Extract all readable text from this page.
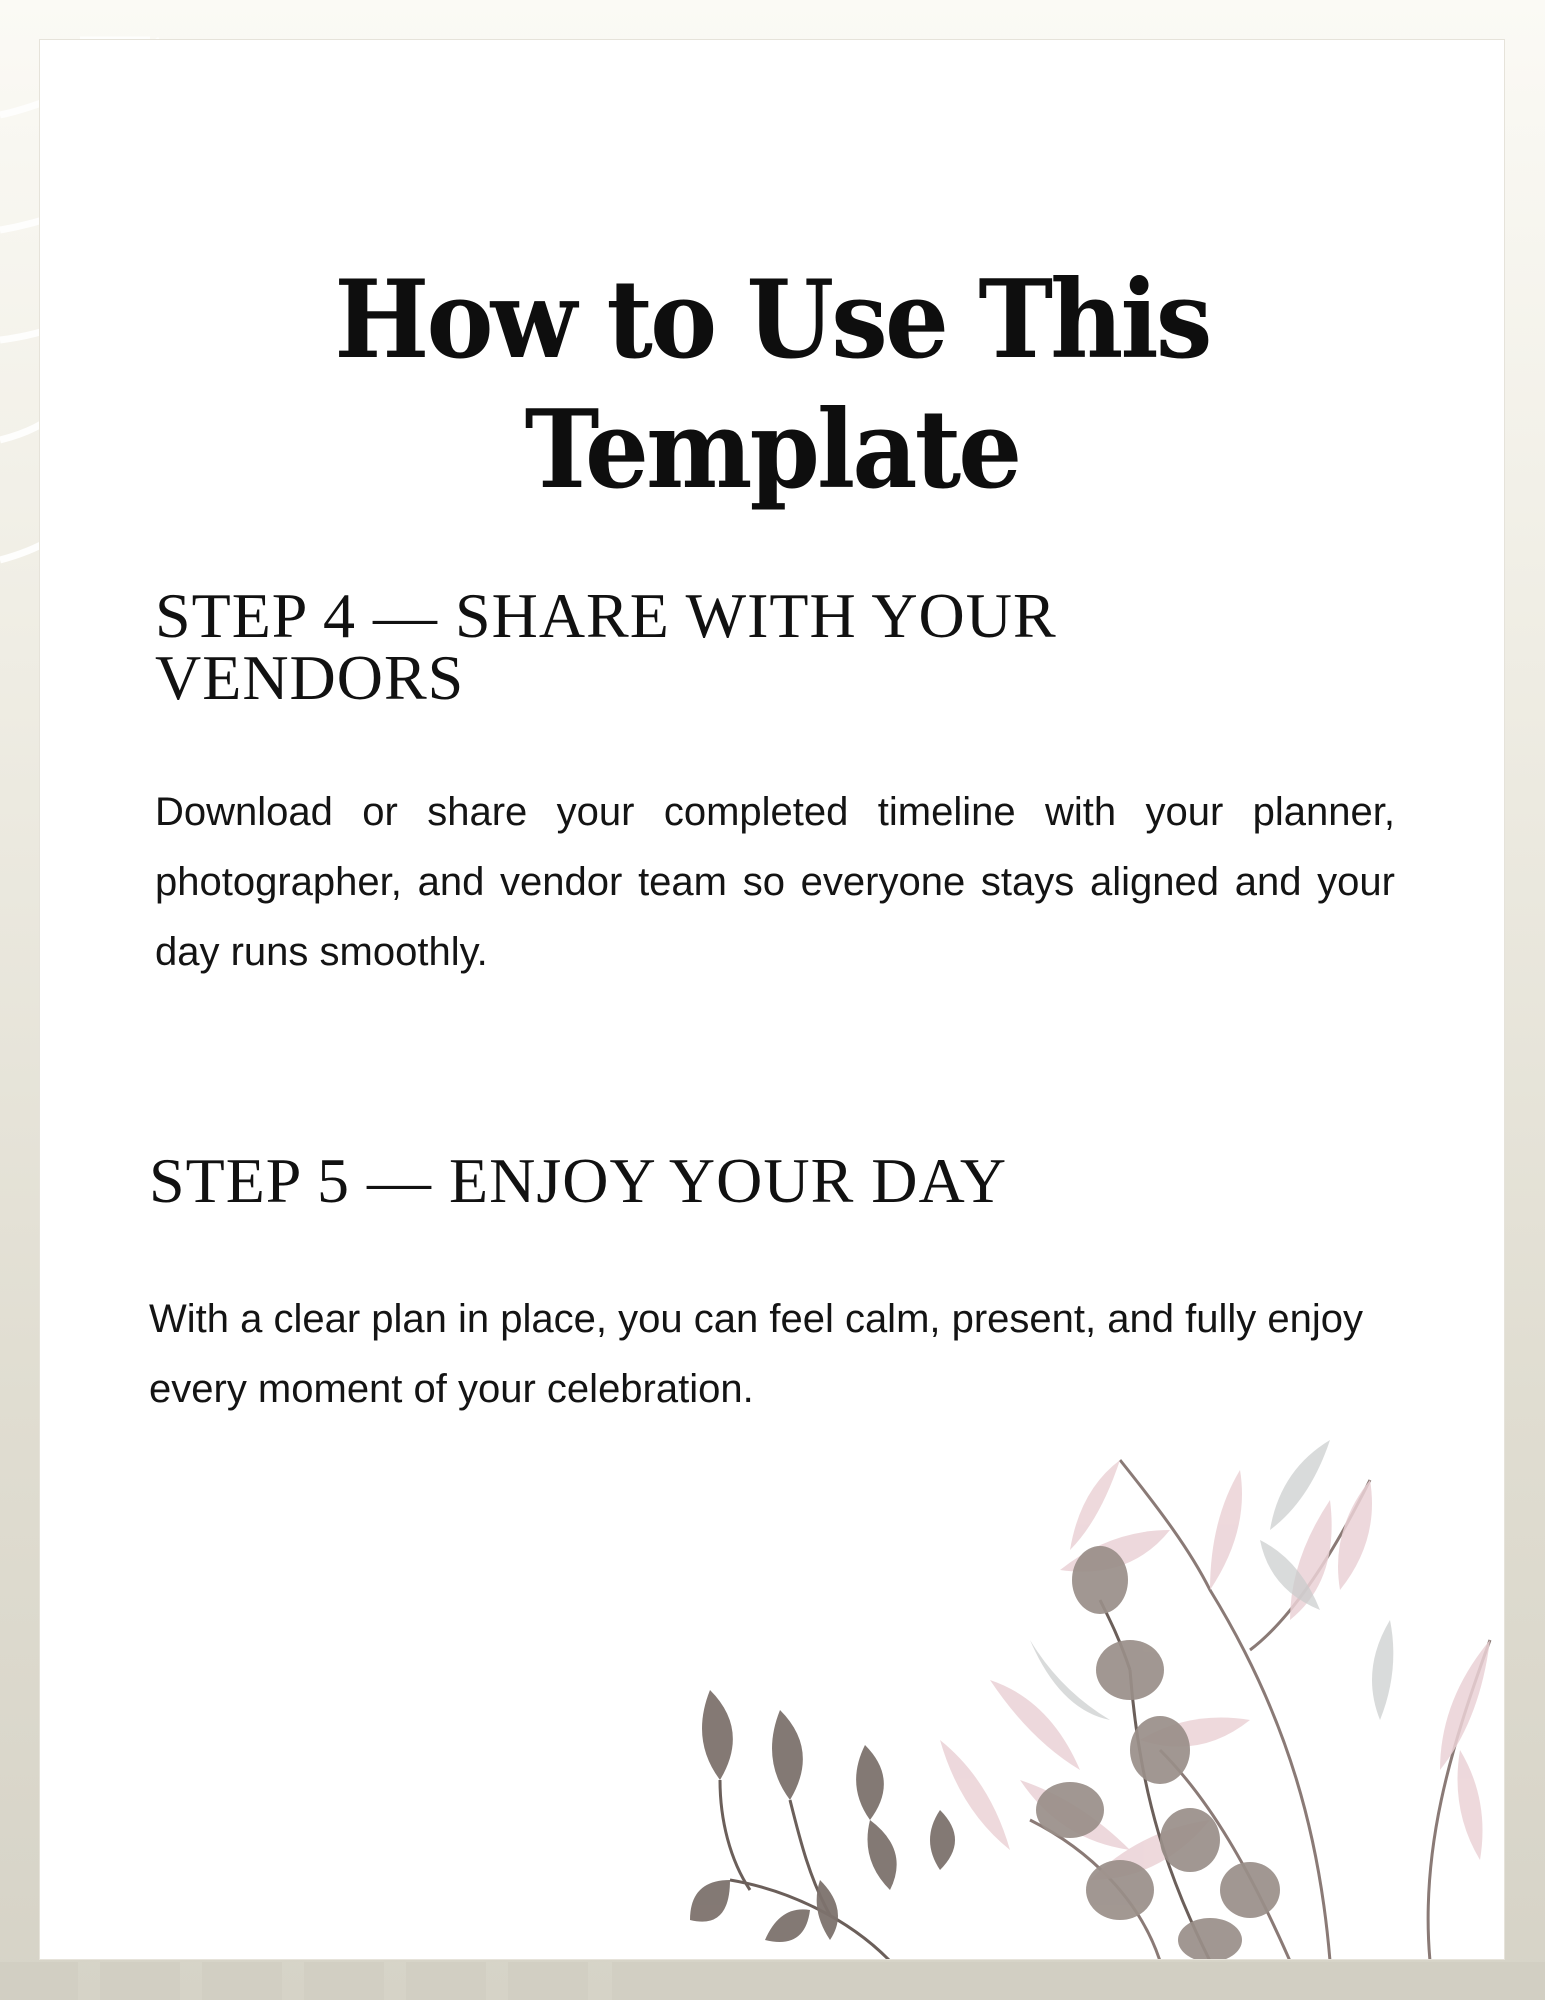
How to Use This Template
STEP 4 — SHARE WITH YOUR VENDORS

Download or share your completed timeline with your planner, photographer, and vendor team so everyone stays aligned and your day runs smoothly.

STEP 5 — ENJOY YOUR DAY

With a clear plan in place, you can feel calm, present, and fully enjoy every moment of your celebration.
